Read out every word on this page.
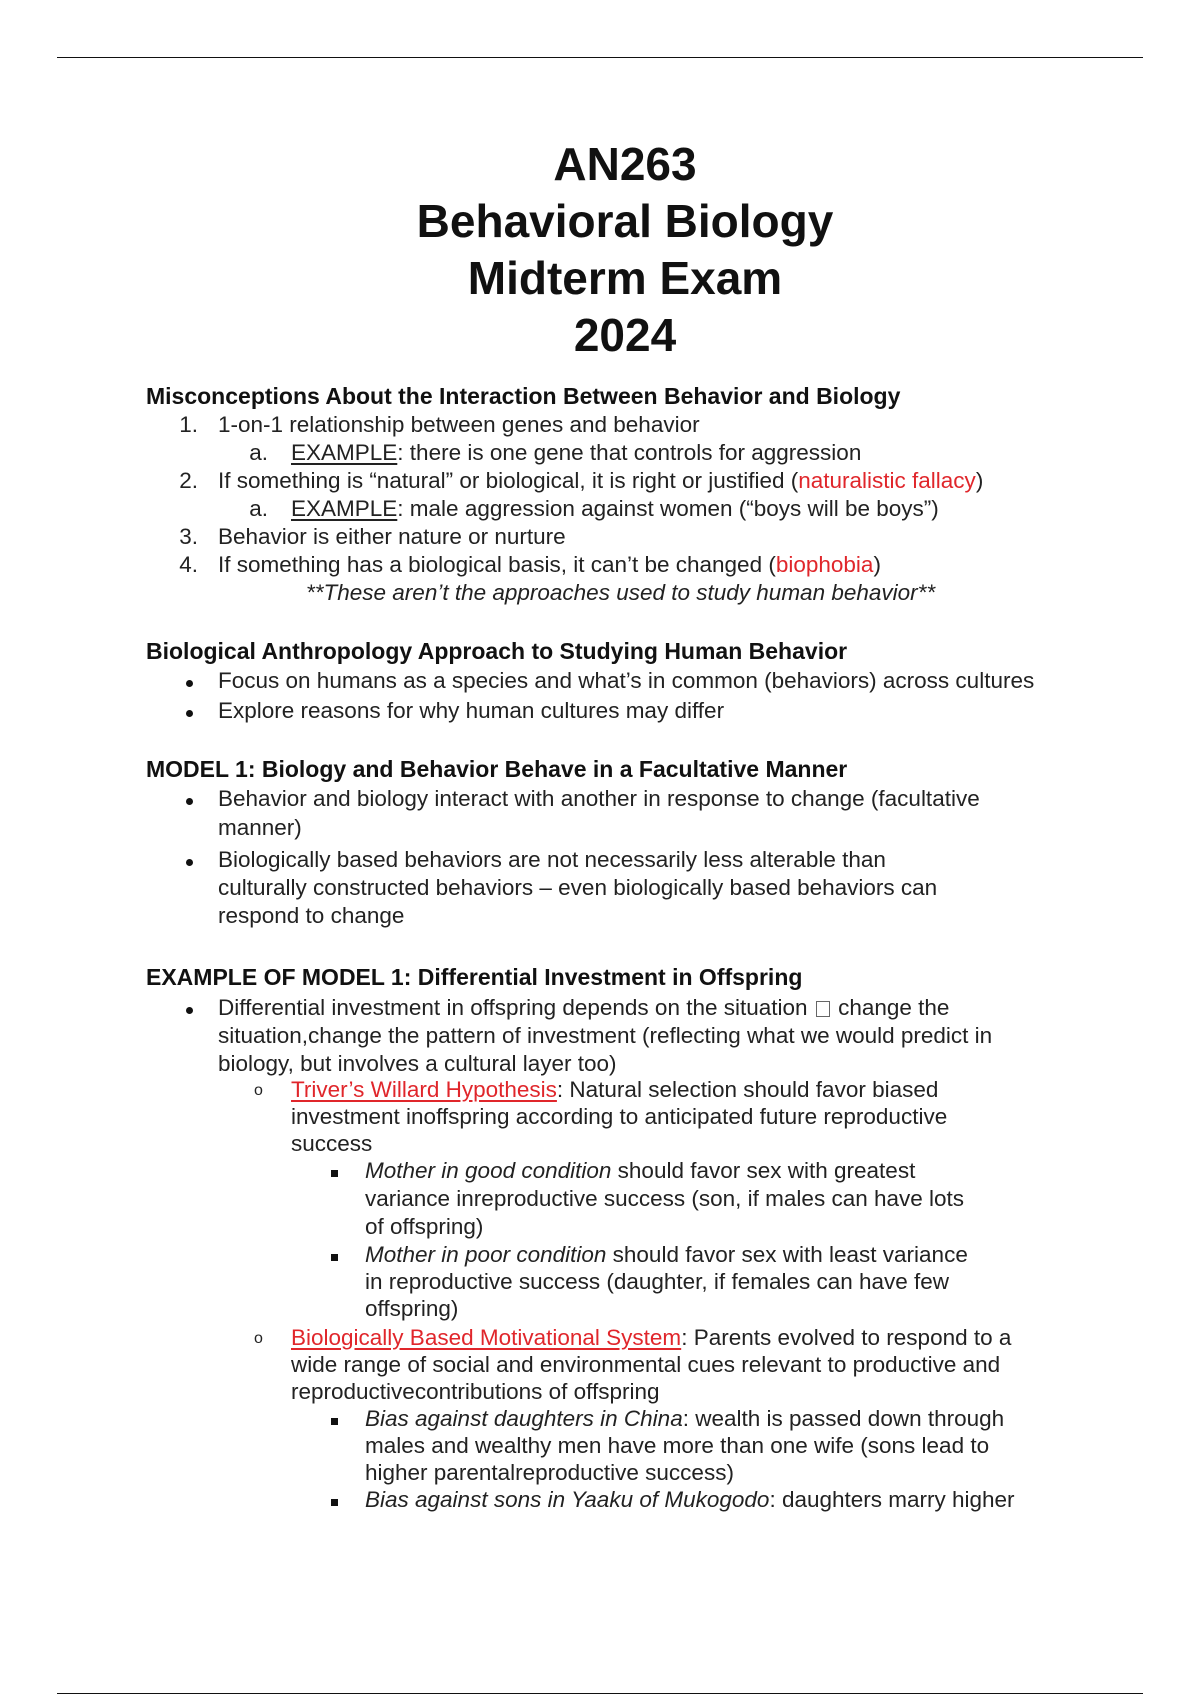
AN263
Behavioral Biology
Midterm Exam
2024
Misconceptions About the Interaction Between Behavior and Biology
1. 1-on-1 relationship between genes and behavior
a. EXAMPLE: there is one gene that controls for aggression
2. If something is “natural” or biological, it is right or justified (naturalistic fallacy)
a. EXAMPLE: male aggression against women (“boys will be boys”)
3. Behavior is either nature or nurture
4. If something has a biological basis, it can’t be changed (biophobia)
**These aren’t the approaches used to study human behavior**
Biological Anthropology Approach to Studying Human Behavior
Focus on humans as a species and what’s in common (behaviors) across cultures
Explore reasons for why human cultures may differ
MODEL 1: Biology and Behavior Behave in a Facultative Manner
Behavior and biology interact with another in response to change (facultative
manner)
Biologically based behaviors are not necessarily less alterable than
culturally constructed behaviors – even biologically based behaviors can
respond to change
EXAMPLE OF MODEL 1: Differential Investment in Offspring
Differential investment in offspring depends on the situation change the
situation,change the pattern of investment (reflecting what we would predict in
biology, but involves a cultural layer too)
o Triver’s Willard Hypothesis: Natural selection should favor biased
investment inoffspring according to anticipated future reproductive
success
Mother in good condition should favor sex with greatest
variance inreproductive success (son, if males can have lots
of offspring)
Mother in poor condition should favor sex with least variance
in reproductive success (daughter, if females can have few
offspring)
o Biologically Based Motivational System: Parents evolved to respond to a
wide range of social and environmental cues relevant to productive and
reproductivecontributions of offspring
Bias against daughters in China: wealth is passed down through
males and wealthy men have more than one wife (sons lead to
higher parentalreproductive success)
Bias against sons in Yaaku of Mukogodo: daughters marry higher
